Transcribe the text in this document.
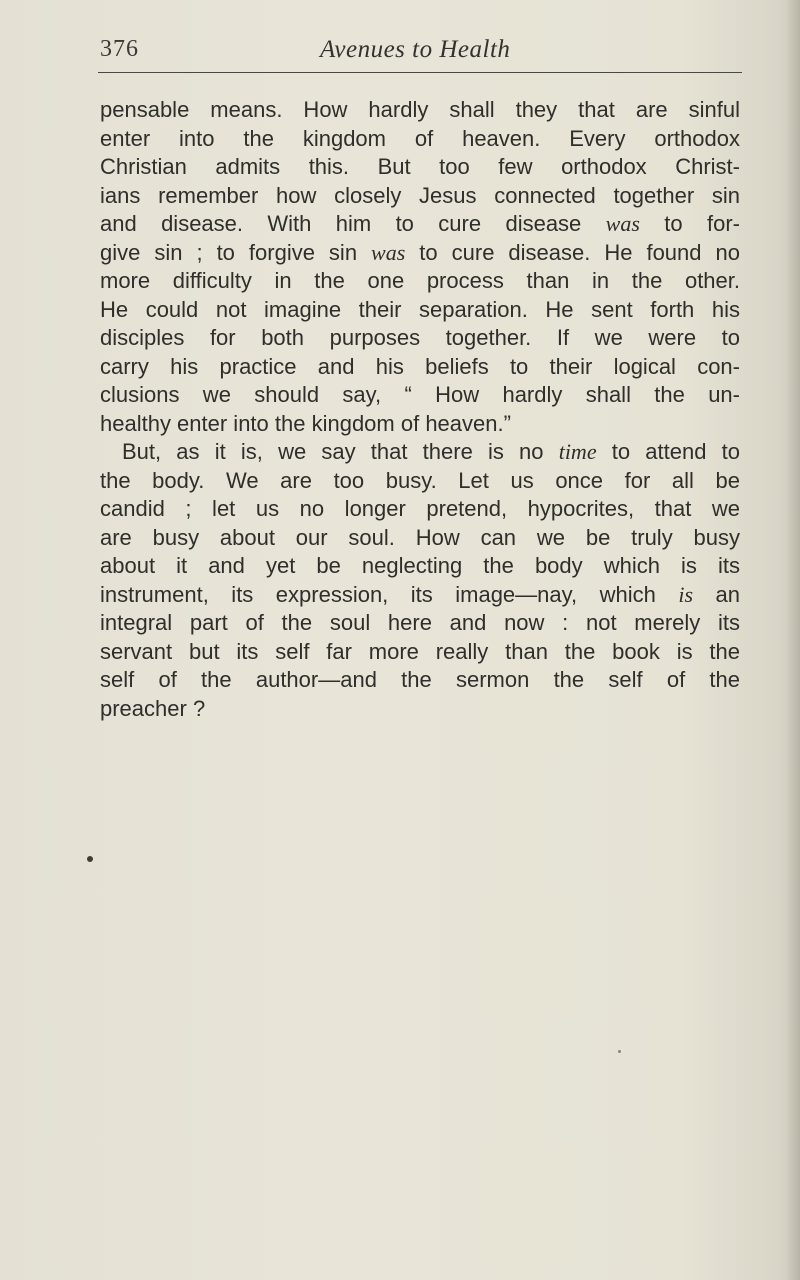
376	Avenues to Health
pensable means. How hardly shall they that are sinful
enter into the kingdom of heaven. Every orthodox
Christian admits this. But too few orthodox Christ-
ians remember how closely Jesus connected together sin
and disease. With him to cure disease was to for-
give sin ; to forgive sin was to cure disease. He found no
more difficulty in the one process than in the other.
He could not imagine their separation. He sent forth his
disciples for both purposes together. If we were to
carry his practice and his beliefs to their logical con-
clusions we should say, “ How hardly shall the un-
healthy enter into the kingdom of heaven.”
But, as it is, we say that there is no time to attend to
the body. We are too busy. Let us once for all be
candid ; let us no longer pretend, hypocrites, that we
are busy about our soul. How can we be truly busy
about it and yet be neglecting the body which is its
instrument, its expression, its image—nay, which is an
integral part of the soul here and now : not merely its
servant but its self far more really than the book is the
self of the author—and the sermon the self of the
preacher ?
